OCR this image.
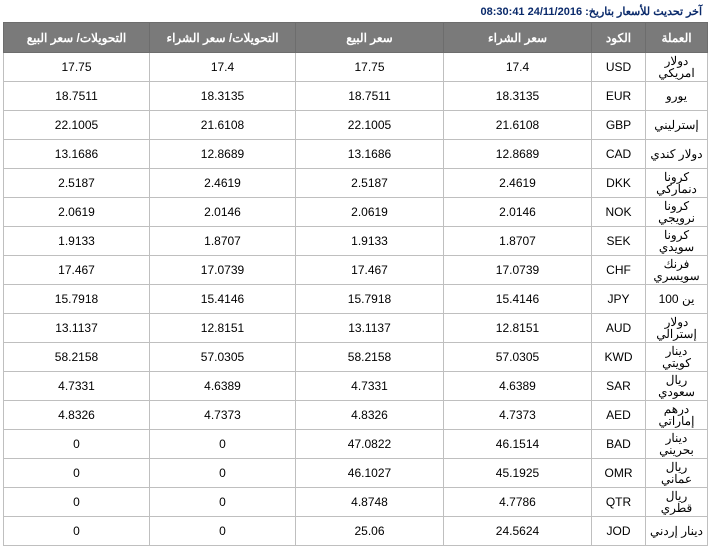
آخر تحديث للأسعار بتاريخ: 24/11/2016 08:30:41
العملة	الكود	سعر الشراء	سعر البيع	التحويلات/ سعر الشراء	التحويلات/ سعر البيع
دولار امريكي	USD	17.4	17.75	17.4	17.75
يورو	EUR	18.3135	18.7511	18.3135	18.7511
إسترليني	GBP	21.6108	22.1005	21.6108	22.1005
دولار كندي	CAD	12.8689	13.1686	12.8689	13.1686
كرونا دنماركي	DKK	2.4619	2.5187	2.4619	2.5187
كرونا نرويجي	NOK	2.0146	2.0619	2.0146	2.0619
كرونا سويدي	SEK	1.8707	1.9133	1.8707	1.9133
فرنك سويسري	CHF	17.0739	17.467	17.0739	17.467
ين 100	JPY	15.4146	15.7918	15.4146	15.7918
دولار إسترالي	AUD	12.8151	13.1137	12.8151	13.1137
دينار كويتي	KWD	57.0305	58.2158	57.0305	58.2158
ريال سعودي	SAR	4.6389	4.7331	4.6389	4.7331
درهم إماراتي	AED	4.7373	4.8326	4.7373	4.8326
دينار بحريني	BAD	46.1514	47.0822	0	0
ريال عماني	OMR	45.1925	46.1027	0	0
ريال قطري	QTR	4.7786	4.8748	0	0
دينار إردني	JOD	24.5624	25.06	0	0
